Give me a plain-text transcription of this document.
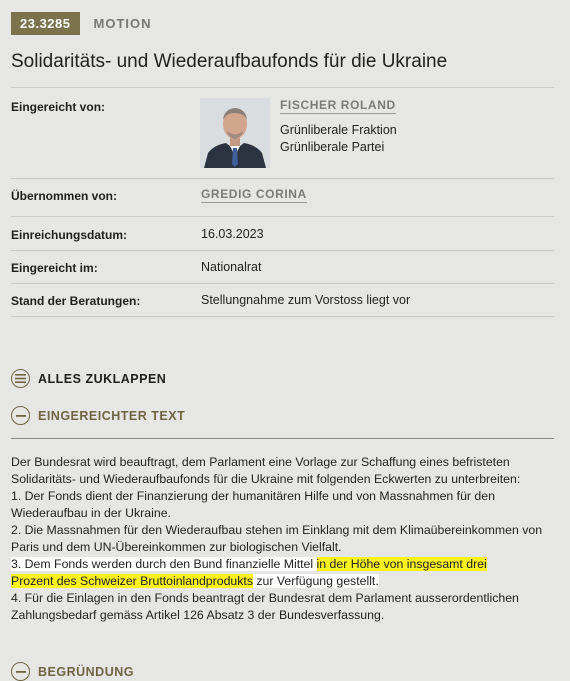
23.3285	MOTION
Solidaritäts- und Wiederaufbaufonds für die Ukraine
Eingereicht von:	FISCHER ROLAND
Grünliberale Fraktion
Grünliberale Partei
Übernommen von:	GREDIG CORINA
Einreichungsdatum:	16.03.2023
Eingereicht im:	Nationalrat
Stand der Beratungen:	Stellungnahme zum Vorstoss liegt vor
ALLES ZUKLAPPEN
EINGEREICHTER TEXT

Der Bundesrat wird beauftragt, dem Parlament eine Vorlage zur Schaffung eines befristeten Solidaritäts- und Wiederaufbaufonds für die Ukraine mit folgenden Eckwerten zu unterbreiten:

1. Der Fonds dient der Finanzierung der humanitären Hilfe und von Massnahmen für den Wiederaufbau in der Ukraine.

2. Die Massnahmen für den Wiederaufbau stehen im Einklang mit dem Klimaübereinkommen von Paris und dem UN-Übereinkommen zur biologischen Vielfalt.

3. Dem Fonds werden durch den Bund finanzielle Mittel in der Höhe von insgesamt drei
Prozent des Schweizer Bruttoinlandprodukts zur Verfügung gestellt.

4. Für die Einlagen in den Fonds beantragt der Bundesrat dem Parlament ausserordentlichen Zahlungsbedarf gemäss Artikel 126 Absatz 3 der Bundesverfassung.

BEGRÜNDUNG
